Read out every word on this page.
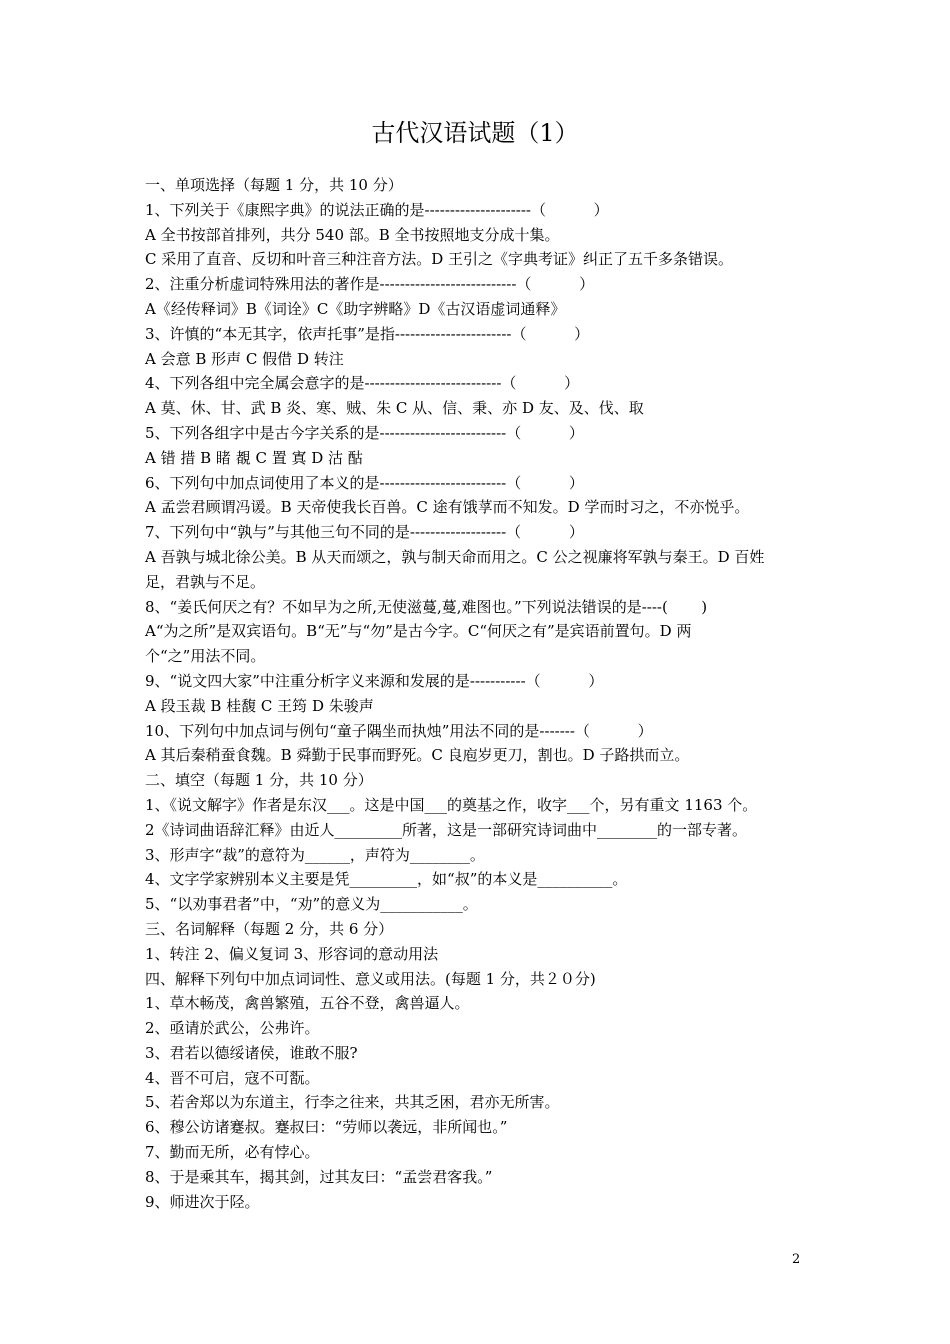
古代汉语试题（1）
一、单项选择（每题 1 分，共 10 分）
1、下列关于《康熙字典》的说法正确的是---------------------（          ）
A 全书按部首排列，共分 540 部。B 全书按照地支分成十集。
C 采用了直音、反切和叶音三种注音方法。D 王引之《字典考证》纠正了五千多条错误。
2、注重分析虚词特殊用法的著作是---------------------------（          ）
A《经传释词》B《词诠》C《助字辨略》D《古汉语虚词通释》
3、许慎的“本无其字，依声托事”是指-----------------------（          ）
A 会意 B 形声 C 假借 D 转注
4、下列各组中完全属会意字的是---------------------------（          ）
A 莫、休、甘、武 B 炎、寒、贼、朱 C 从、信、秉、亦 D 友、及、伐、取
5、下列各组字中是古今字关系的是-------------------------（          ）
A 错 措 B 睹 覩 C 置 寘 D 沽 酤
6、下列句中加点词使用了本义的是-------------------------（          ）
A 孟尝君顾谓冯谖。B 天帝使我长百兽。C 途有饿莩而不知发。D 学而时习之，不亦悦乎。
7、下列句中“孰与”与其他三句不同的是-------------------（          ）
A 吾孰与城北徐公美。B 从天而颂之，孰与制天命而用之。C 公之视廉将军孰与秦王。D 百姓
足，君孰与不足。
8、“姜氏何厌之有？不如早为之所,无使滋蔓,蔓,难图也。”下列说法错误的是----(       )
A“为之所”是双宾语句。B“无”与“勿”是古今字。C“何厌之有”是宾语前置句。D 两
个“之”用法不同。
9、“说文四大家”中注重分析字义来源和发展的是-----------（          ）
A 段玉裁 B 桂馥 C 王筠 D 朱骏声
10、下列句中加点词与例句“童子隅坐而执烛”用法不同的是-------（          ）
A 其后秦稍蚕食魏。B 舜勤于民事而野死。C 良庖岁更刀，割也。D 子路拱而立。
二、填空（每题 1 分，共 10 分）
1、《说文解字》作者是东汉___。这是中国___的奠基之作，收字___个，另有重文 1163 个。
2《诗词曲语辞汇释》由近人_________所著，这是一部研究诗词曲中________的一部专著。
3、形声字“裁”的意符为______，声符为________。
4、文字学家辨别本义主要是凭_________，如“叔”的本义是__________。
5、“以劝事君者”中，“劝”的意义为___________。
三、名词解释（每题 2 分，共 6 分）
1、转注 2、偏义复词 3、形容词的意动用法
四、解释下列句中加点词词性、意义或用法。(每题 1 分，共２０分)
1、草木畅茂，禽兽繁殖，五谷不登，禽兽逼人。
2、亟请於武公，公弗许。
3、君若以德绥诸侯，谁敢不服?
4、晋不可启，寇不可翫。
5、若舍郑以为东道主，行李之往来，共其乏困，君亦无所害。
6、穆公访诸蹇叔。蹇叔曰：“劳师以袭远，非所闻也。”
7、勤而无所，必有悖心。
8、于是乘其车，揭其剑，过其友曰：“孟尝君客我。”
9、师进次于陉。
2
